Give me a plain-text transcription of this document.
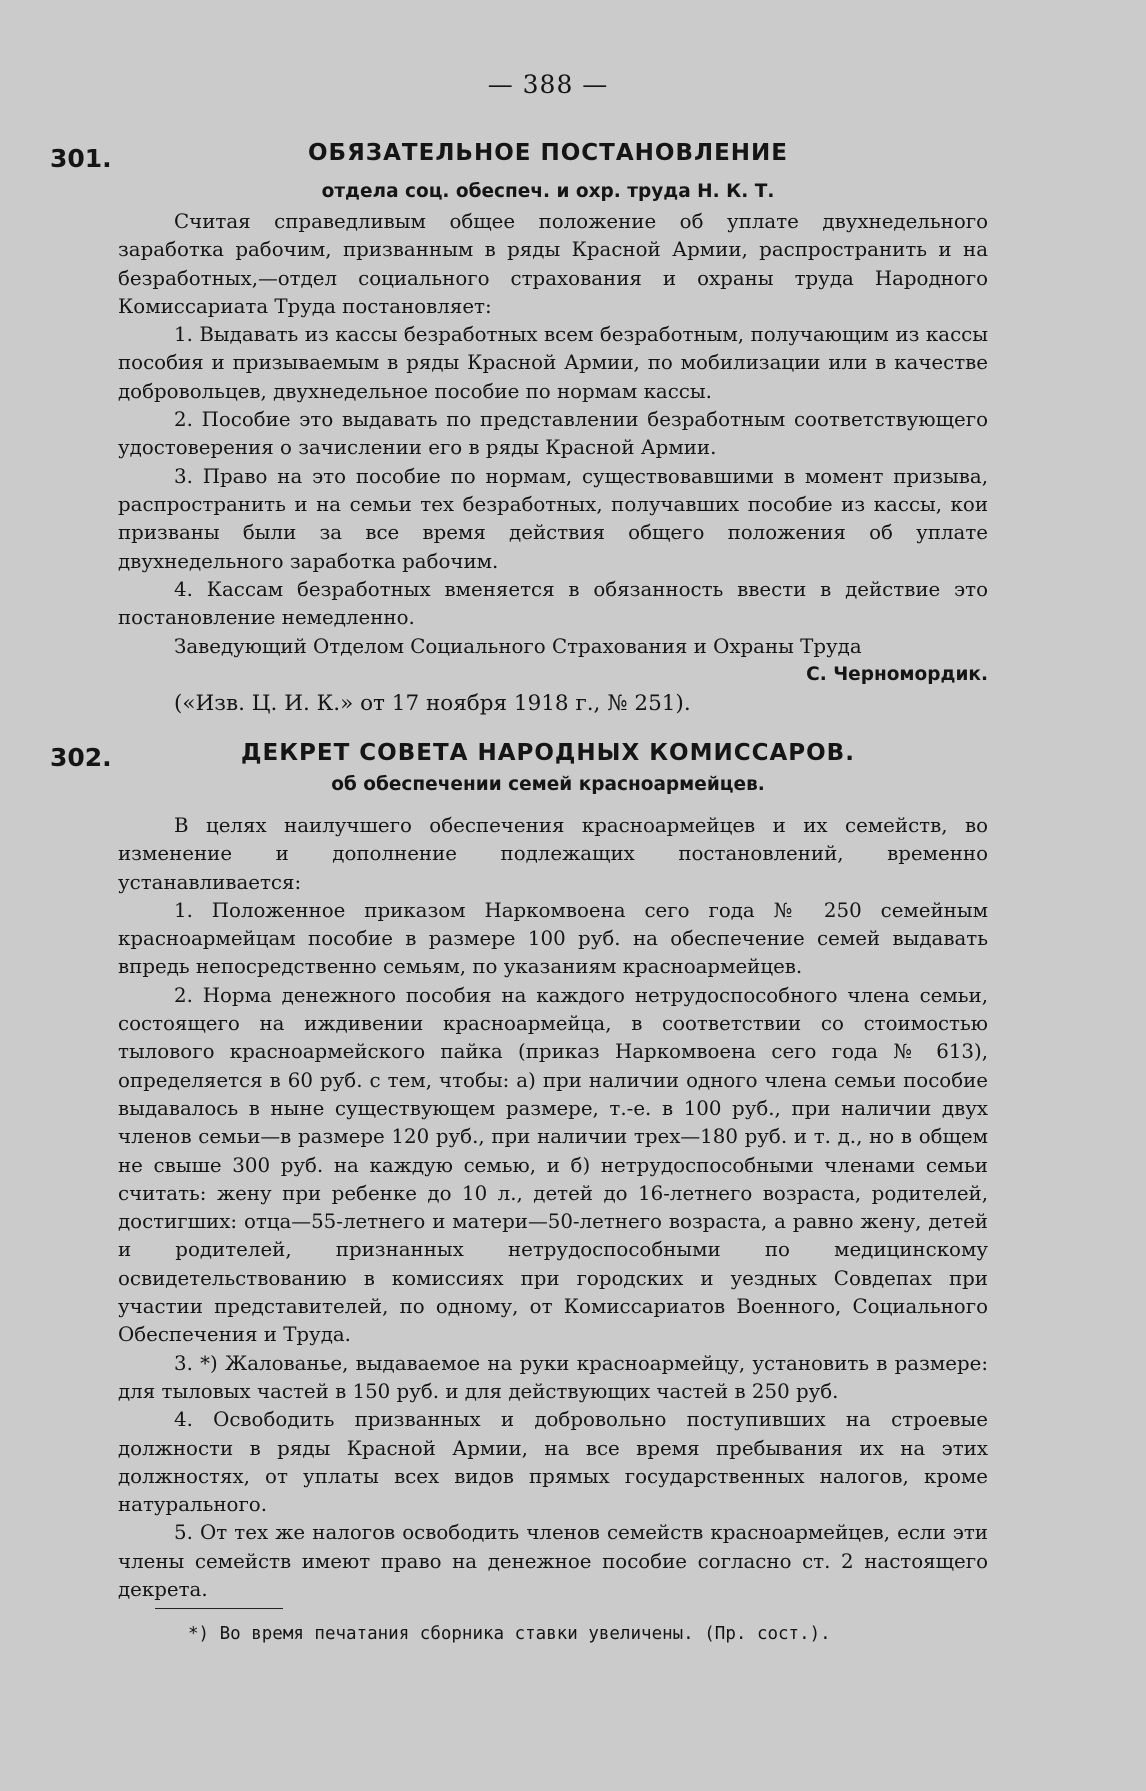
— 388 —
301.	ОБЯЗАТЕЛЬНОЕ ПОСТАНОВЛЕНИЕ
отдела соц. обеспеч. и охр. труда Н. К. Т.

Считая справедливым общее положение об уплате двухнедельного заработка рабочим, призванным в ряды Красной Армии, распространить и на безработных,—отдел социального страхования и охраны труда Народного Комиссариата Труда постановляет:

1. Выдавать из кассы безработных всем безработным, получающим из кассы пособия и призываемым в ряды Красной Армии, по мобилизации или в качестве добровольцев, двухнедельное пособие по нормам кассы.

2. Пособие это выдавать по представлении безработным соответствующего удостоверения о зачислении его в ряды Красной Армии.

3. Право на это пособие по нормам, существовавшими в момент призыва, распространить и на семьи тех безработных, получавших пособие из кассы, кои призваны были за все время действия общего положения об уплате двухнедельного заработка рабочим.

4. Кассам безработных вменяется в обязанность ввести в действие это постановление немедленно.

Заведующий Отделом Социального Страхования и Охраны Труда
С. Черномордик.
(«Изв. Ц. И. К.» от 17 ноября 1918 г., № 251).
302.	ДЕКРЕТ СОВЕТА НАРОДНЫХ КОМИССАРОВ.
об обеспечении семей красноармейцев.

В целях наилучшего обеспечения красноармейцев и их семейств, во изменение и дополнение подлежащих постановлений, временно устанавливается:

1. Положенное приказом Наркомвоена сего года № 250 семейным красноармейцам пособие в размере 100 руб. на обеспечение семей выдавать впредь непосредственно семьям, по указаниям красноармейцев.

2. Норма денежного пособия на каждого нетрудоспособного члена семьи, состоящего на иждивении красноармейца, в соответствии со стоимостью тылового красноармейского пайка (приказ Наркомвоена сего года № 613), определяется в 60 руб. с тем, чтобы: а) при наличии одного члена семьи пособие выдавалось в ныне существующем размере, т.-е. в 100 руб., при наличии двух членов семьи—в размере 120 руб., при наличии трех—180 руб. и т. д., но в общем не свыше 300 руб. на каждую семью, и б) нетрудоспособными членами семьи считать: жену при ребенке до 10 л., детей до 16-летнего возраста, родителей, достигших: отца—55-летнего и матери—50-летнего возраста, а равно жену, детей и родителей, признанных нетрудоспособными по медицинскому освидетельствованию в комиссиях при городских и уездных Совдепах при участии представителей, по одному, от Комиссариатов Военного, Социального Обеспечения и Труда.

3. *) Жалованье, выдаваемое на руки красноармейцу, установить в размере: для тыловых частей в 150 руб. и для действующих частей в 250 руб.

4. Освободить призванных и добровольно поступивших на строевые должности в ряды Красной Армии, на все время пребывания их на этих должностях, от уплаты всех видов прямых государственных налогов, кроме натурального.

5. От тех же налогов освободить членов семейств красноармейцев, если эти члены семейств имеют право на денежное пособие согласно ст. 2 настоящего декрета.

*) Во время печатания сборника ставки увеличены. (Пр. сост.).
